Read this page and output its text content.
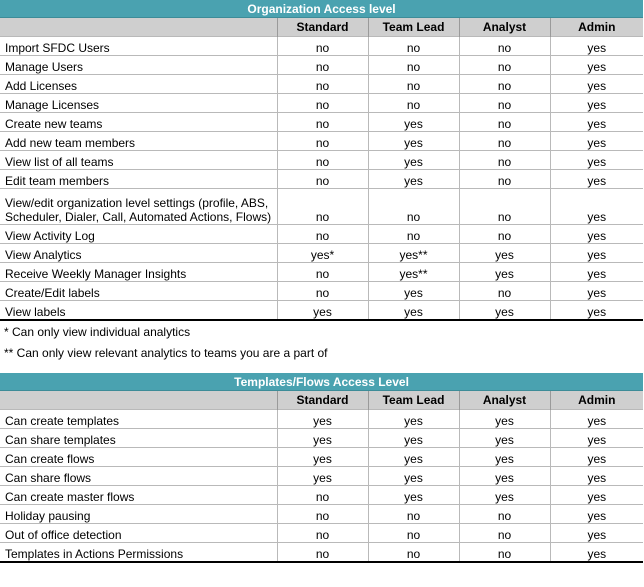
Organization Access level				
	Standard	Team Lead	Analyst	Admin
Import SFDC Users	no	no	no	yes
Manage Users	no	no	no	yes
Add Licenses	no	no	no	yes
Manage Licenses	no	no	no	yes
Create new teams	no	yes	no	yes
Add new team members	no	yes	no	yes
View list of all teams	no	yes	no	yes
Edit team members	no	yes	no	yes
View/edit organization level settings (profile, ABS, Scheduler, Dialer, Call, Automated Actions, Flows)	no	no	no	yes
View Activity Log	no	no	no	yes
View Analytics	yes*	yes**	yes	yes
Receive Weekly Manager Insights	no	yes**	yes	yes
Create/Edit labels	no	yes	no	yes
View labels	yes	yes	yes	yes

* Can only view individual analytics

** Can only view relevant analytics to teams you are a part of

Templates/Flows Access Level				
	Standard	Team Lead	Analyst	Admin
Can create templates	yes	yes	yes	yes
Can share templates	yes	yes	yes	yes
Can create flows	yes	yes	yes	yes
Can share flows	yes	yes	yes	yes
Can create master flows	no	yes	yes	yes
Holiday pausing	no	no	no	yes
Out of office detection	no	no	no	yes
Templates in Actions Permissions	no	no	no	yes
